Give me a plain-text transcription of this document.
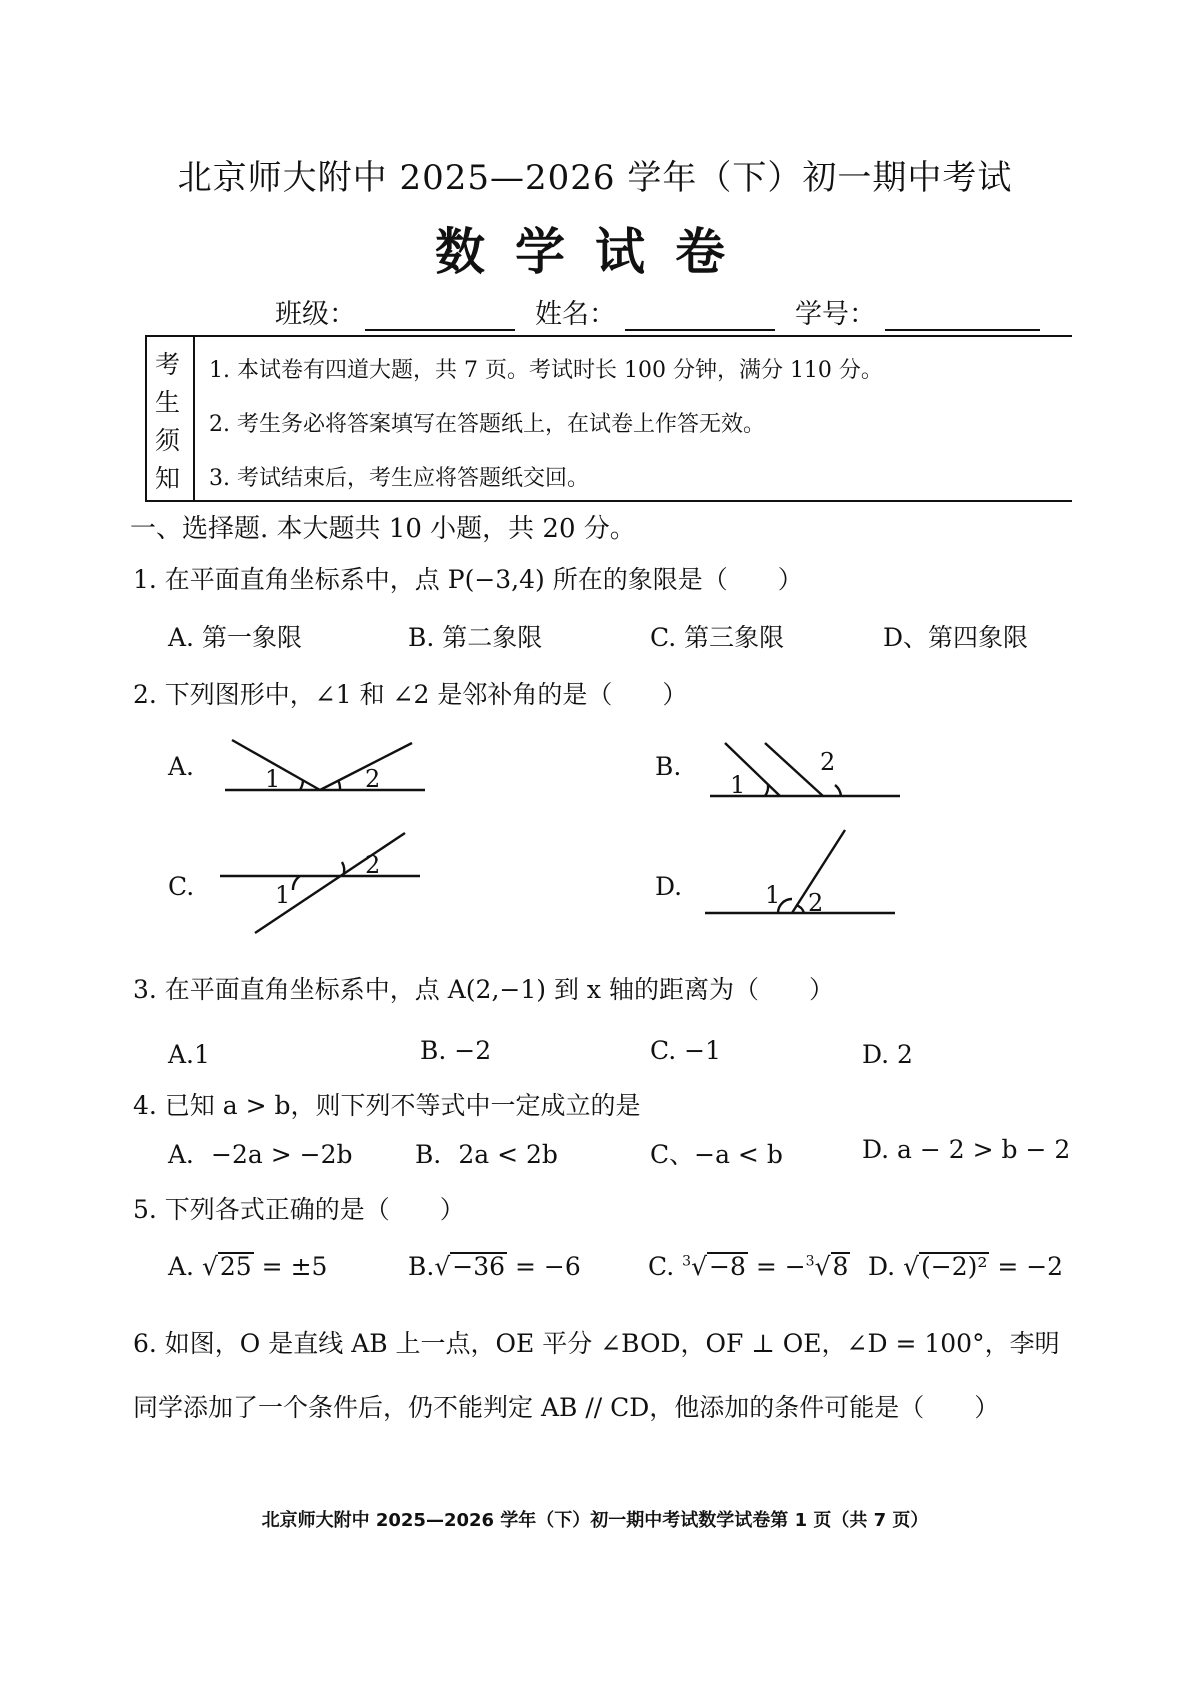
北京师大附中 2025—2026 学年（下）初一期中考试
数学试卷
班级：	姓名：	学号：
考
生
须
知
1. 本试卷有四道大题，共 7 页。考试时长 100 分钟，满分 110 分。
2. 考生务必将答案填写在答题纸上，在试卷上作答无效。
3. 考试结束后，考生应将答题纸交回。
一、选择题. 本大题共 10 小题，共 20 分。
1. 在平面直角坐标系中，点 P(−3,4) 所在的象限是（　　）
A. 第一象限	B. 第二象限	C. 第三象限	D、第四象限
2. 下列图形中，∠1 和 ∠2 是邻补角的是（　　）
A.	1	2	B.
1
2
C.
2
1	D.	1 2
3. 在平面直角坐标系中，点 A(2,−1) 到 x 轴的距离为（　　）
A.1	B. −2	C. −1	D. 2
4. 已知 a > b，则下列不等式中一定成立的是
A．−2a > −2b B．2a < 2b	C、−a < b	D. a − 2 > b − 2
5. 下列各式正确的是（　　）
A. √25 = ±5	B.√−36 = −6	C. $^3$√−8 = −$^3$√8 D. √(−2)² = −2
6. 如图，O 是直线 AB 上一点，OE 平分 ∠BOD，OF ⊥ OE，∠D = 100°，李明
同学添加了一个条件后，仍不能判定 AB // CD，他添加的条件可能是（　　）
北京师大附中 2025—2026 学年（下）初一期中考试数学试卷第 1 页（共 7 页）
